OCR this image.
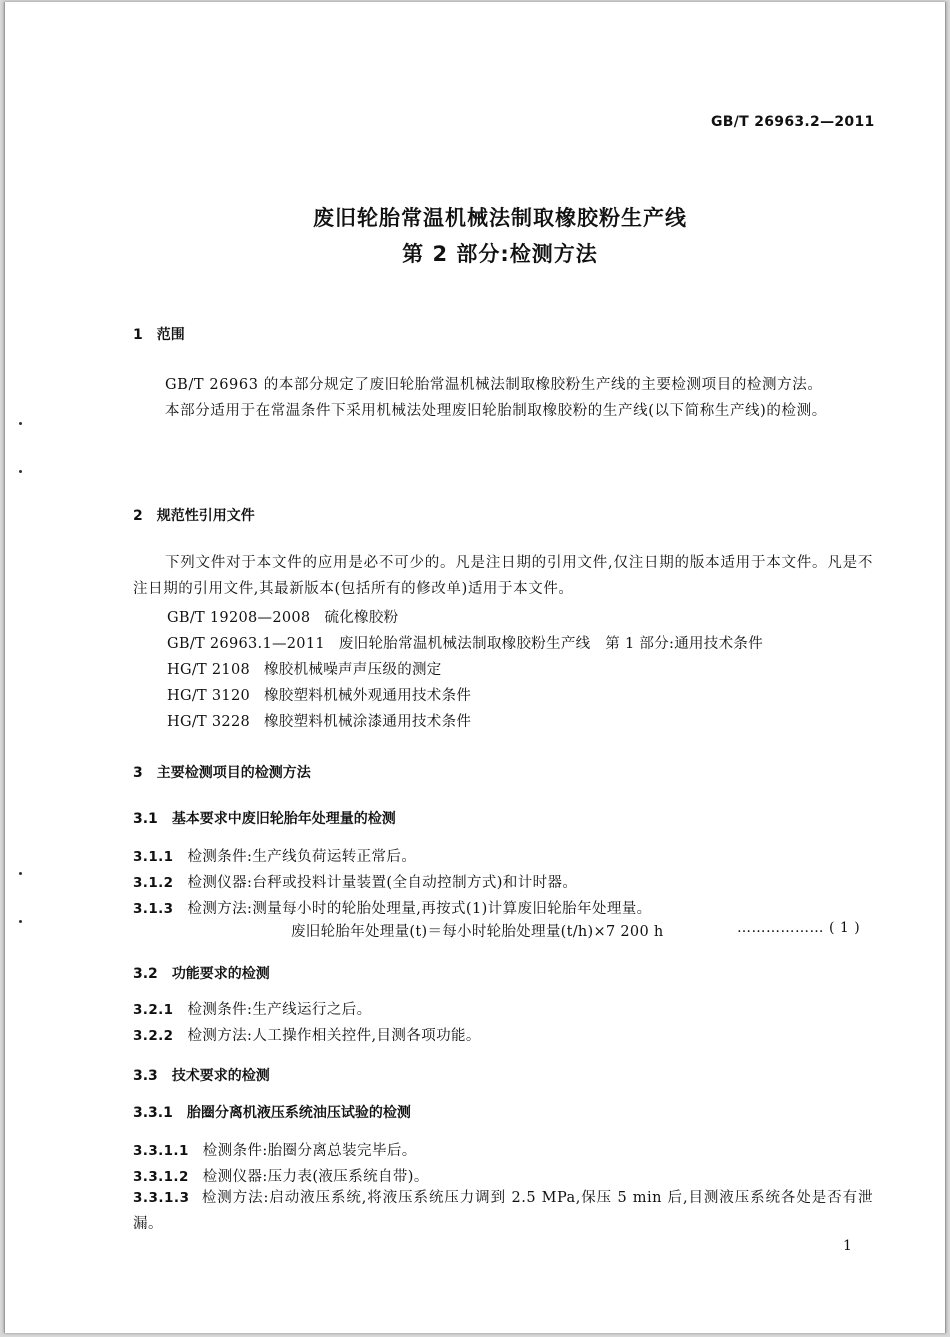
GB/T 26963.2—2011
废旧轮胎常温机械法制取橡胶粉生产线
第 2 部分:检测方法
1 范围

GB/T 26963 的本部分规定了废旧轮胎常温机械法制取橡胶粉生产线的主要检测项目的检测方法。

本部分适用于在常温条件下采用机械法处理废旧轮胎制取橡胶粉的生产线(以下简称生产线)的检测。

2 规范性引用文件

下列文件对于本文件的应用是必不可少的。凡是注日期的引用文件,仅注日期的版本适用于本文件。凡是不注日期的引用文件,其最新版本(包括所有的修改单)适用于本文件。

GB/T 19208—2008 硫化橡胶粉
GB/T 26963.1—2011 废旧轮胎常温机械法制取橡胶粉生产线　第 1 部分:通用技术条件
HG/T 2108 橡胶机械噪声声压级的测定
HG/T 3120 橡胶塑料机械外观通用技术条件
HG/T 3228 橡胶塑料机械涂漆通用技术条件
3 主要检测项目的检测方法
3.1 基本要求中废旧轮胎年处理量的检测
3.1.1 检测条件:生产线负荷运转正常后。
3.1.2 检测仪器:台秤或投料计量装置(全自动控制方式)和计时器。
3.1.3 检测方法:测量每小时的轮胎处理量,再按式(1)计算废旧轮胎年处理量。
废旧轮胎年处理量(t)＝每小时轮胎处理量(t/h)×7 200 h	……………… ( 1 )
3.2 功能要求的检测
3.2.1 检测条件:生产线运行之后。
3.2.2 检测方法:人工操作相关控件,目测各项功能。
3.3 技术要求的检测
3.3.1 胎圈分离机液压系统油压试验的检测
3.3.1.1 检测条件:胎圈分离总装完毕后。
3.3.1.2 检测仪器:压力表(液压系统自带)。

3.3.1.3 检测方法:启动液压系统,将液压系统压力调到 2.5 MPa,保压 5 min 后,目测液压系统各处是否有泄漏。

1
